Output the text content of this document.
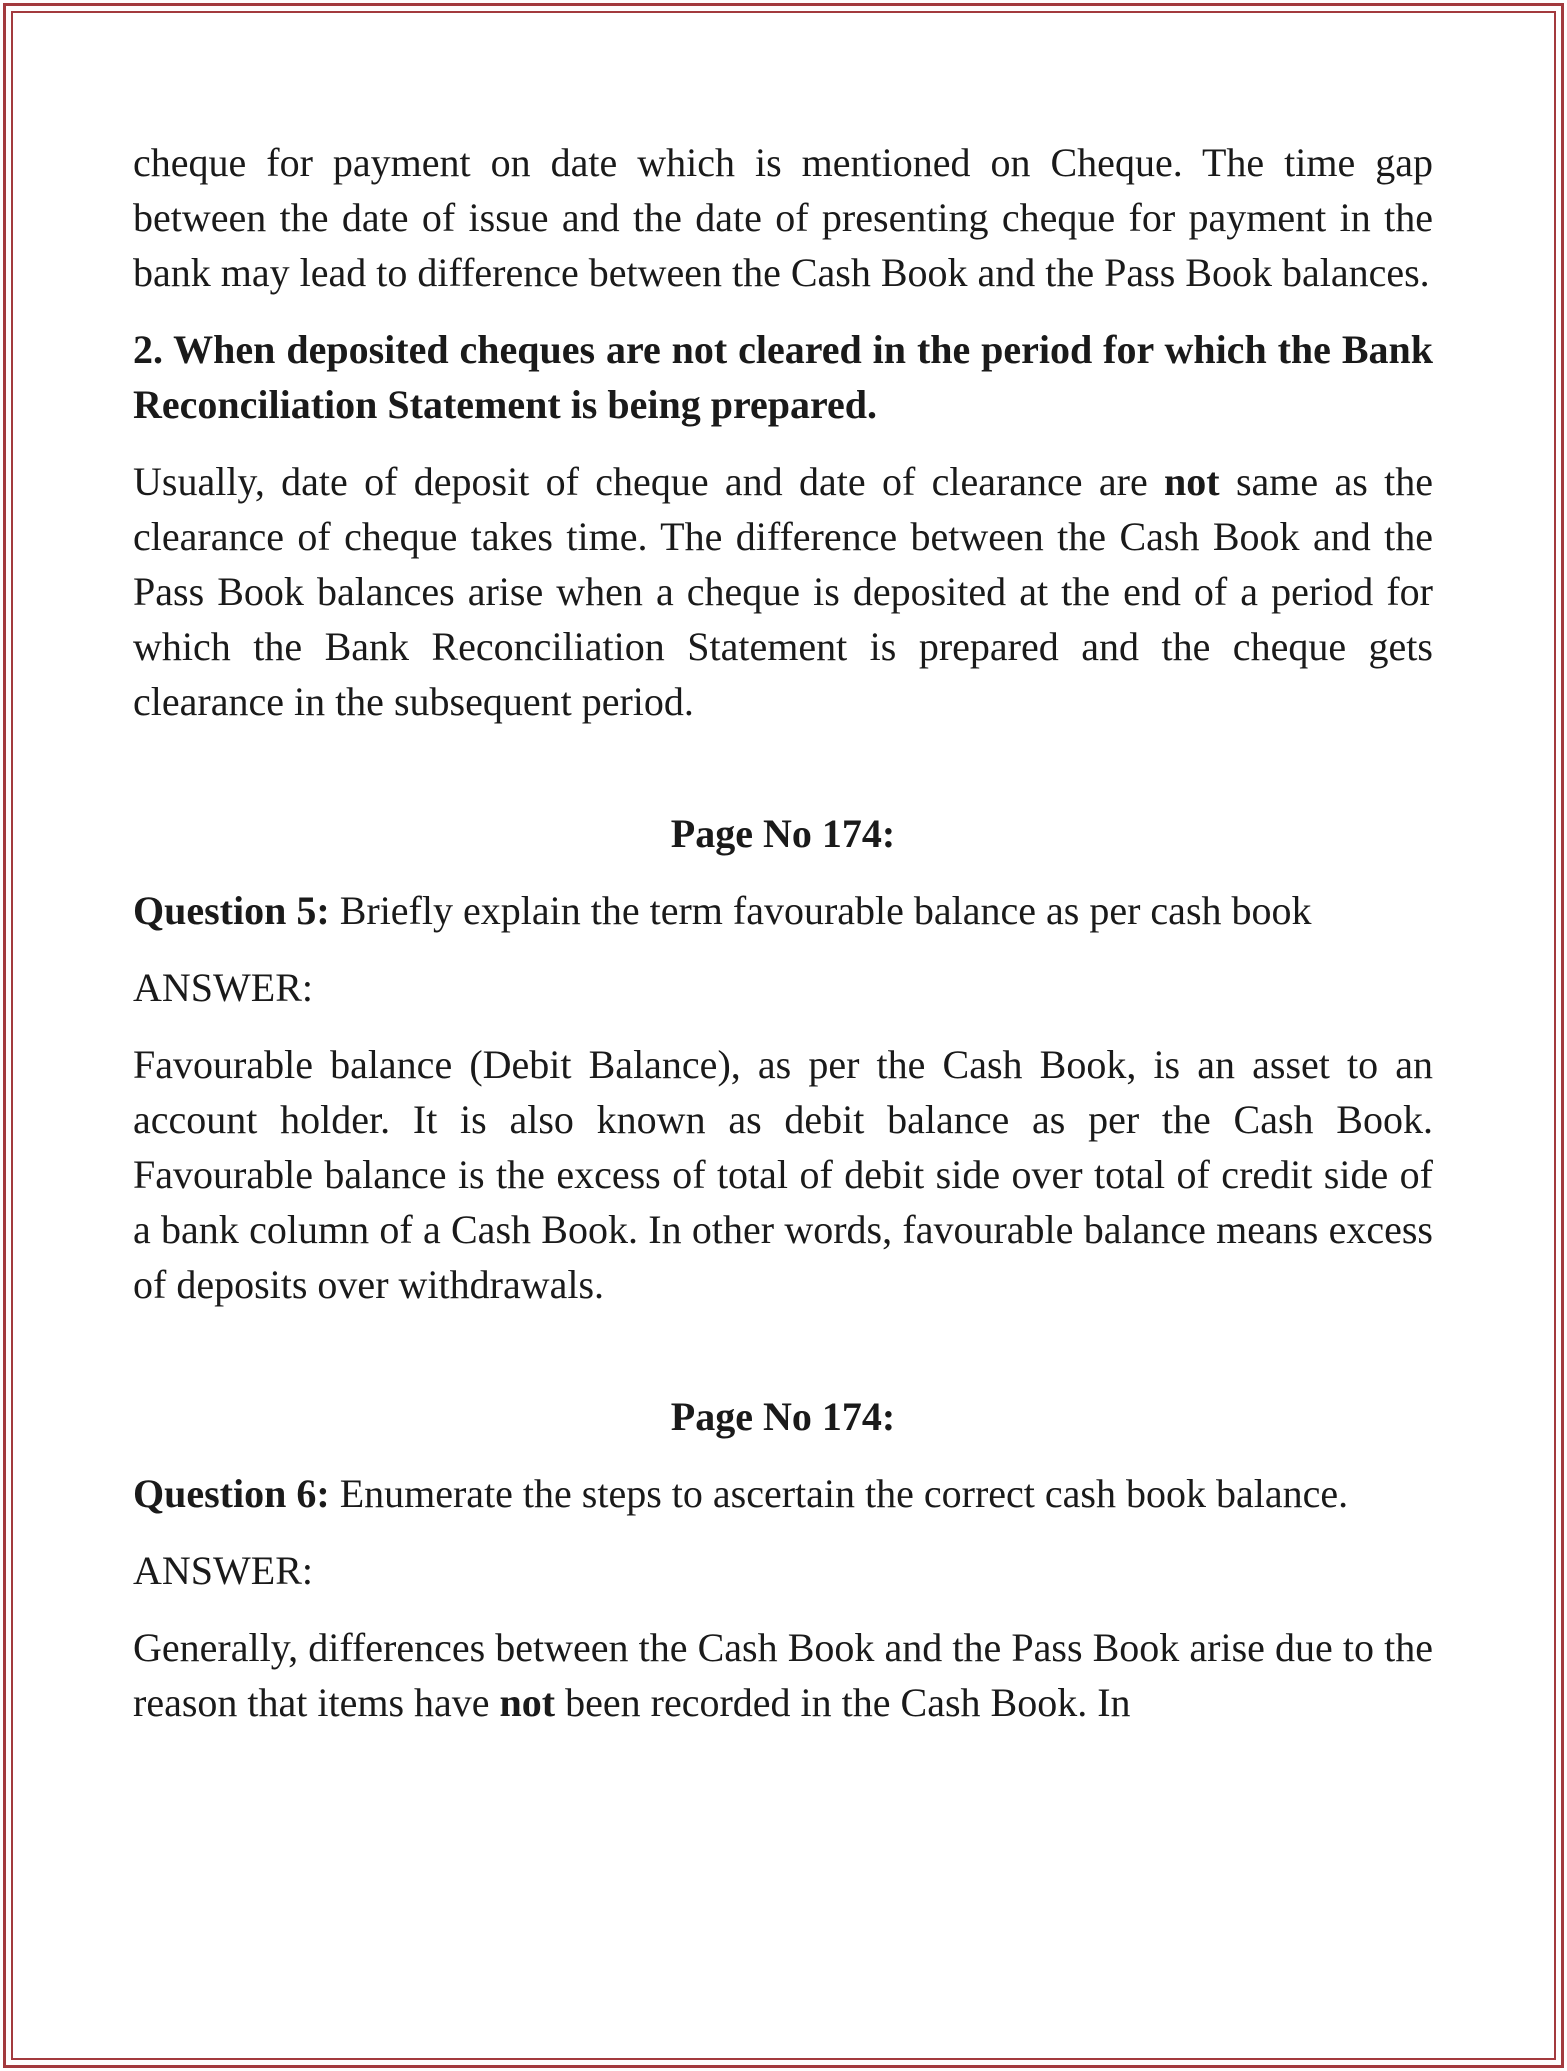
cheque for payment on date which is mentioned on Cheque. The time gap between the date of issue and the date of presenting cheque for payment in the bank may lead to difference between the Cash Book and the Pass Book balances.

2. When deposited cheques are not cleared in the period for which the Bank Reconciliation Statement is being prepared.

Usually, date of deposit of cheque and date of clearance are not same as the clearance of cheque takes time. The difference between the Cash Book and the Pass Book balances arise when a cheque is deposited at the end of a period for which the Bank Reconciliation Statement is prepared and the cheque gets clearance in the subsequent period.

Page No 174:

Question 5: Briefly explain the term favourable balance as per cash book

ANSWER:

Favourable balance (Debit Balance), as per the Cash Book, is an asset to an account holder. It is also known as debit balance as per the Cash Book. Favourable balance is the excess of total of debit side over total of credit side of a bank column of a Cash Book. In other words, favourable balance means excess of deposits over withdrawals.

Page No 174:

Question 6: Enumerate the steps to ascertain the correct cash book balance.

ANSWER:

Generally, differences between the Cash Book and the Pass Book arise due to the reason that items have not been recorded in the Cash Book. In
